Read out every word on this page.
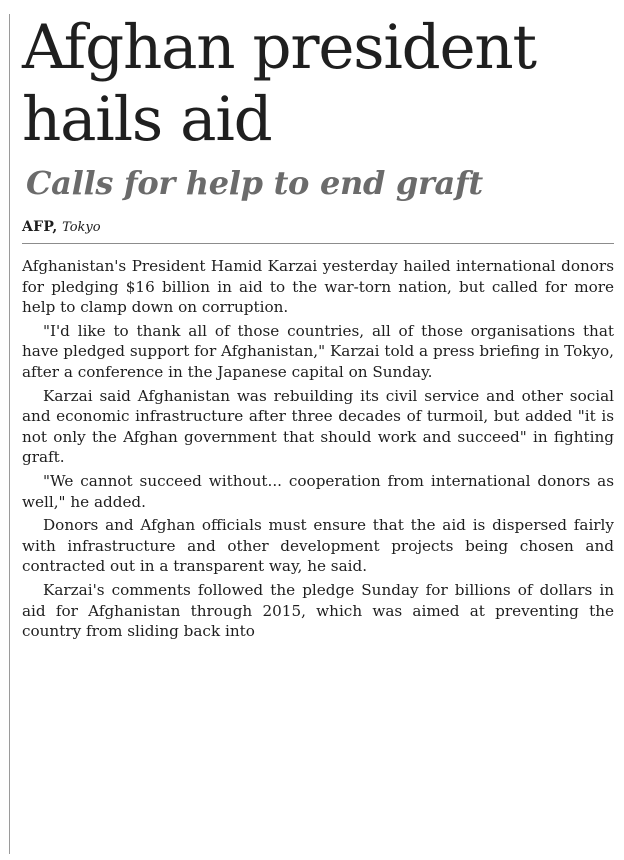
Afghan president hails aid
Calls for help to end graft
AFP, Tokyo

Afghanistan's President Hamid Karzai yesterday hailed international donors for pledging $16 billion in aid to the war-torn nation, but called for more help to clamp down on corruption.

"I'd like to thank all of those countries, all of those organisations that have pledged support for Afghanistan," Karzai told a press briefing in Tokyo, after a conference in the Japanese capital on Sunday.

Karzai said Afghanistan was rebuilding its civil service and other social and economic infrastructure after three decades of turmoil, but added "it is not only the Afghan government that should work and succeed" in fighting graft.

"We cannot succeed without... cooperation from international donors as well," he added.

Donors and Afghan officials must ensure that the aid is dispersed fairly with infrastructure and other development projects being chosen and contracted out in a transparent way, he said.

Karzai's comments followed the pledge Sunday for billions of dollars in aid for Afghanistan through 2015, which was aimed at preventing the country from sliding back into
